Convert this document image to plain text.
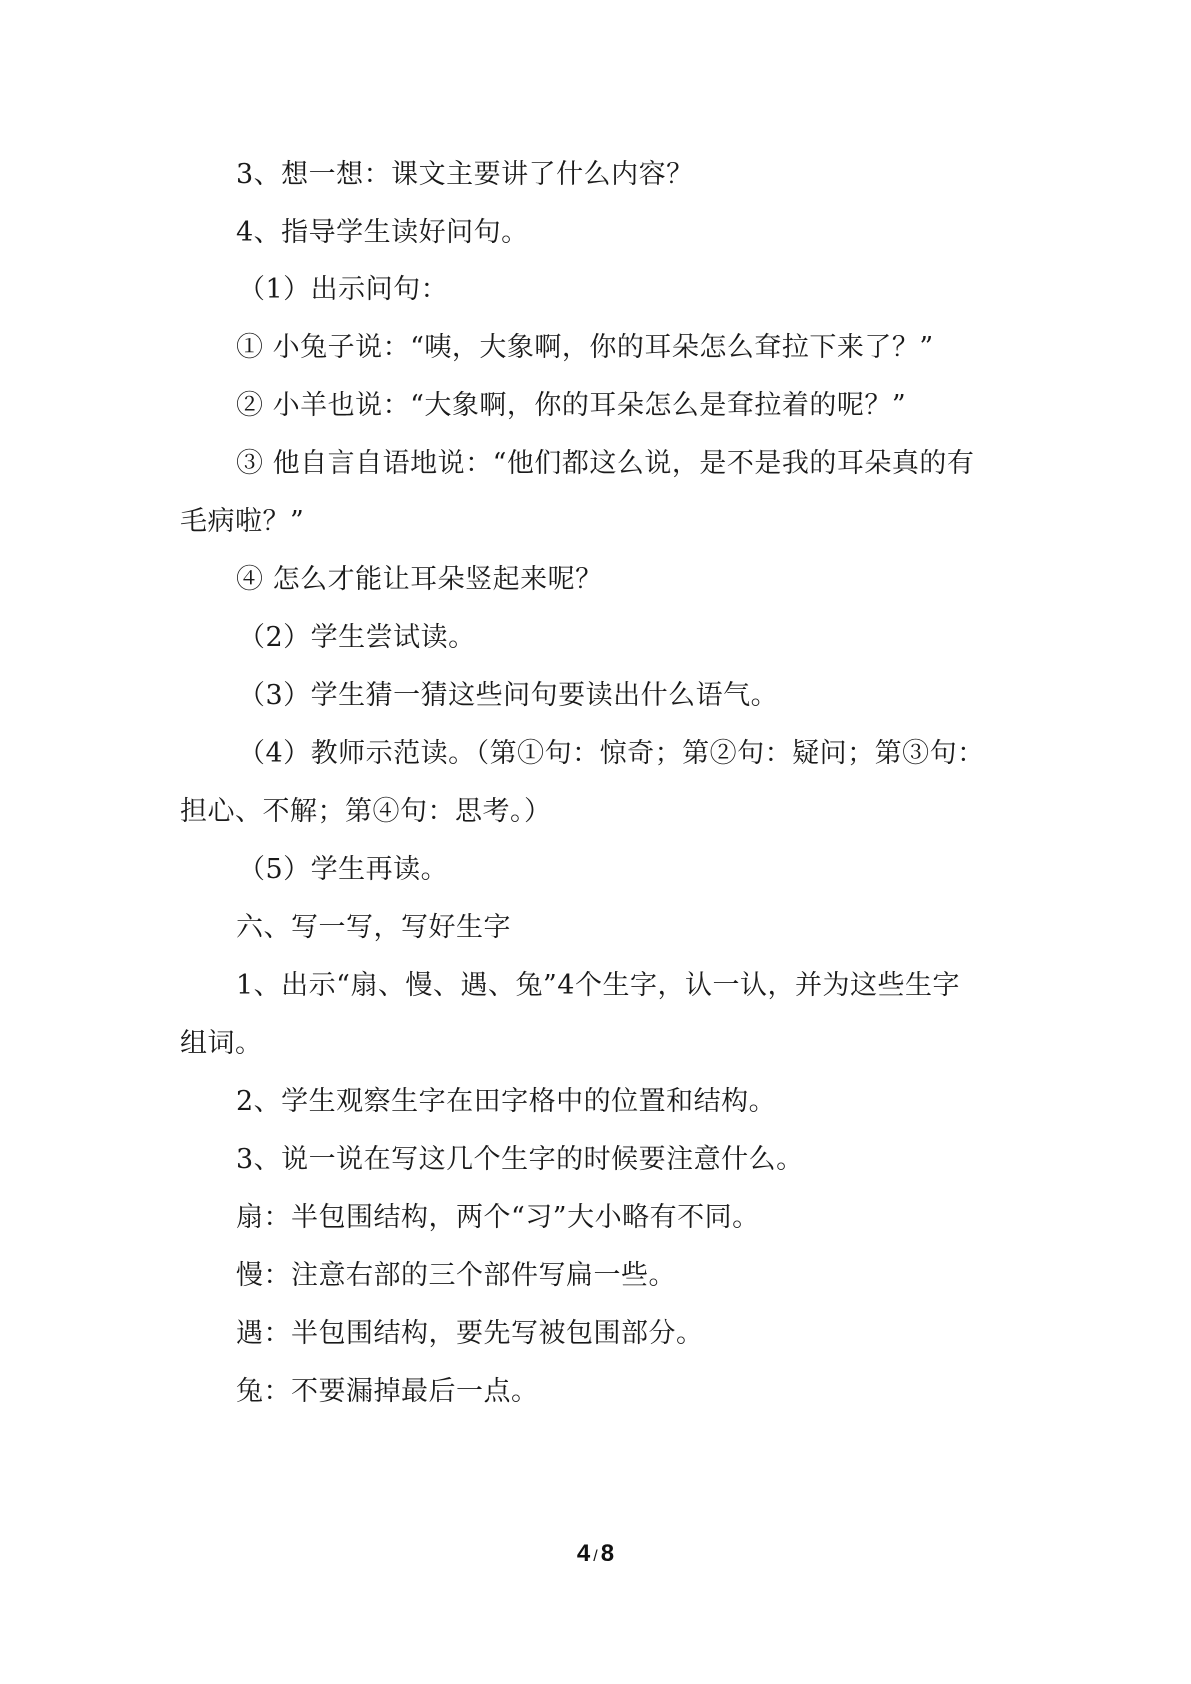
3、想一想：课文主要讲了什么内容？
4、指导学生读好问句。
（1）出示问句：
① 小兔子说：“咦，大象啊，你的耳朵怎么耷拉下来了？”
② 小羊也说：“大象啊，你的耳朵怎么是耷拉着的呢？”
③ 他自言自语地说：“他们都这么说，是不是我的耳朵真的有
毛病啦？”
④ 怎么才能让耳朵竖起来呢？
（2）学生尝试读。
（3）学生猜一猜这些问句要读出什么语气。
（4）教师示范读。（第①句：惊奇；第②句：疑问；第③句：
担心、不解；第④句：思考。）
（5）学生再读。
六、写一写，写好生字
1、出示“扇、慢、遇、兔”4个生字，认一认，并为这些生字
组词。
2、学生观察生字在田字格中的位置和结构。
3、说一说在写这几个生字的时候要注意什么。
扇：半包围结构，两个“习”大小略有不同。
慢：注意右部的三个部件写扁一些。
遇：半包围结构，要先写被包围部分。
兔：不要漏掉最后一点。
4 / 8
